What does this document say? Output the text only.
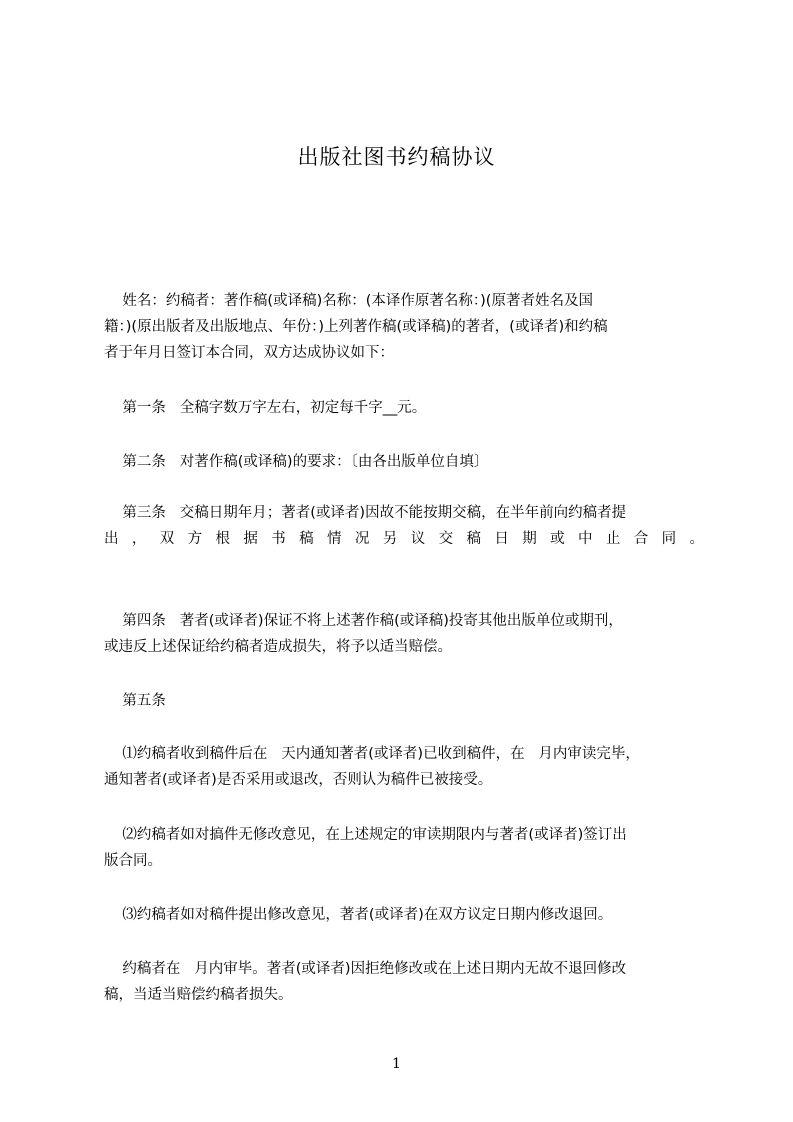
出版社图书约稿协议
姓名：约稿者：著作稿(或译稿)名称：(本译作原著名称：)(原著者姓名及国
籍：)(原出版者及出版地点、年份：)上列著作稿(或译稿)的著者，(或译者)和约稿
者于年月日签订本合同，双方达成协议如下：
第一条   全稿字数万字左右，初定每千字__元。
第二条   对著作稿(或译稿)的要求：〔由各出版单位自填〕
第三条   交稿日期年月；著者(或译者)因故不能按期交稿，在半年前向约稿者提
出，双方根据书稿情况另议交稿日期或中止合同。
第四条   著者(或译者)保证不将上述著作稿(或译稿)投寄其他出版单位或期刊，
或违反上述保证给约稿者造成损失，将予以适当赔偿。
第五条
⑴约稿者收到稿件后在   天内通知著者(或译者)已收到稿件，在   月内审读完毕，
通知著者(或译者)是否采用或退改，否则认为稿件已被接受。
⑵约稿者如对搞件无修改意见，在上述规定的审读期限内与著者(或译者)签订出
版合同。
⑶约稿者如对稿件提出修改意见，著者(或译者)在双方议定日期内修改退回。
约稿者在   月内审毕。著者(或译者)因拒绝修改或在上述日期内无故不退回修改
稿，当适当赔偿约稿者损失。
1
